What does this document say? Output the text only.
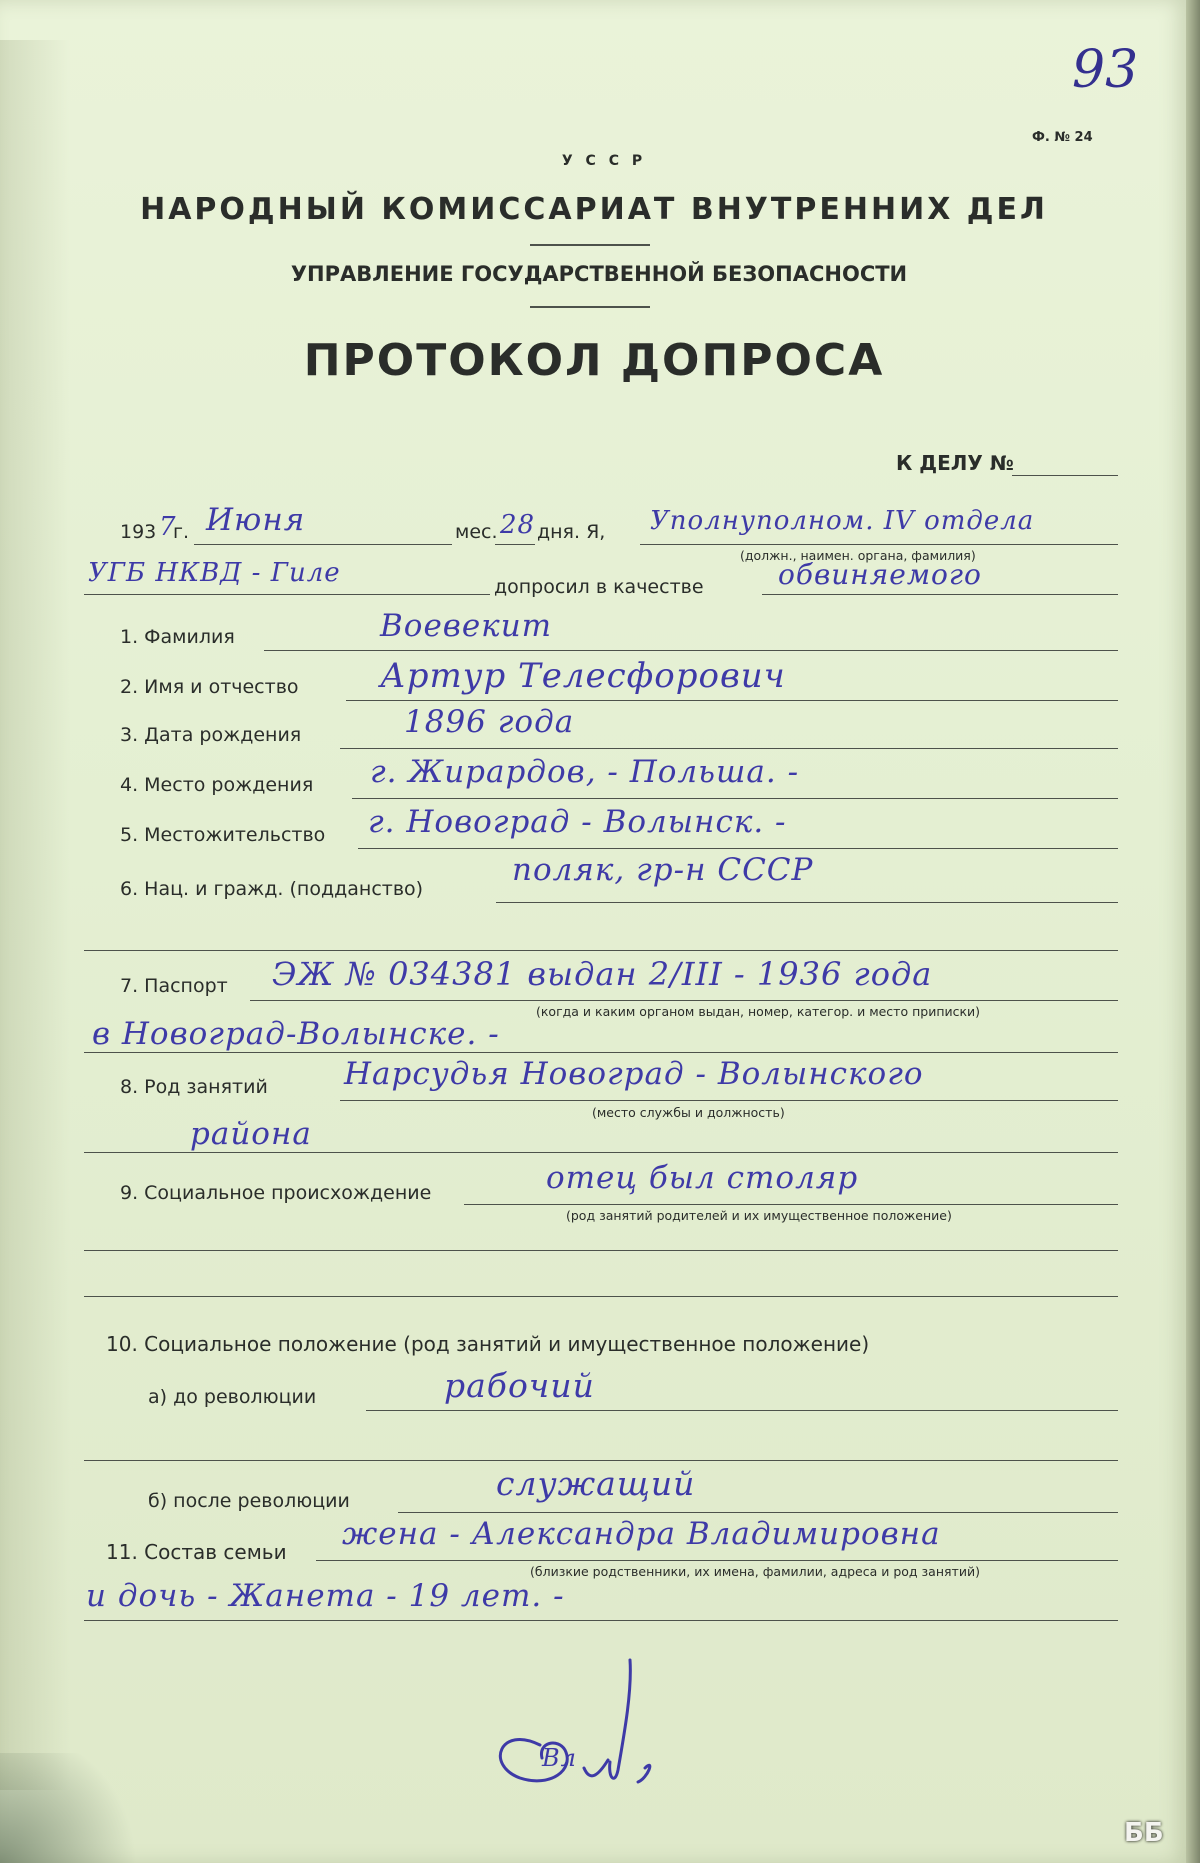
93
Ф. № 24
У С С Р
НАРОДНЫЙ КОМИССАРИАТ ВНУТРЕННИХ ДЕЛ
УПРАВЛЕНИЕ ГОСУДАРСТВЕННОЙ БЕЗОПАСНОСТИ
ПРОТОКОЛ ДОПРОСА
К ДЕЛУ №
193 7
г. Июня	мес. 28 дня. Я, Уполнуполном. IV отдела
(должн., наимен. органа, фамилия)
УГБ НКВД - Гиле	допросил в качестве	обвиняемого
1. Фамилия	Воевекит
2. Имя и отчество Артур Телесфорович
3. Дата рождения	1896 года
4. Место рождения г. Жирардов, - Польша. -
5. Местожительство г. Новоград - Волынск. -
6. Нац. и гражд. (подданство)
поляк, гр-н СССР
7. Паспорт ЭЖ № 034381 выдан 2/III - 1936 года
(когда и каким органом выдан, номер, категор. и место приписки)
в Новоград-Волынске. -
8. Род занятий Нарсудья Новоград - Волынского
(место службы и должность)
района
9. Социальное происхождение	отец был столяр
(род занятий родителей и их имущественное положение)
10. Социальное положение (род занятий и имущественное положение)
а) до революции	рабочий
б) после революции	служащий
11. Состав семьи жена - Александра Владимировна
(близкие родственники, их имена, фамилии, адреса и род занятий)
и дочь - Жанета - 19 лет. -
Вл
ББ
